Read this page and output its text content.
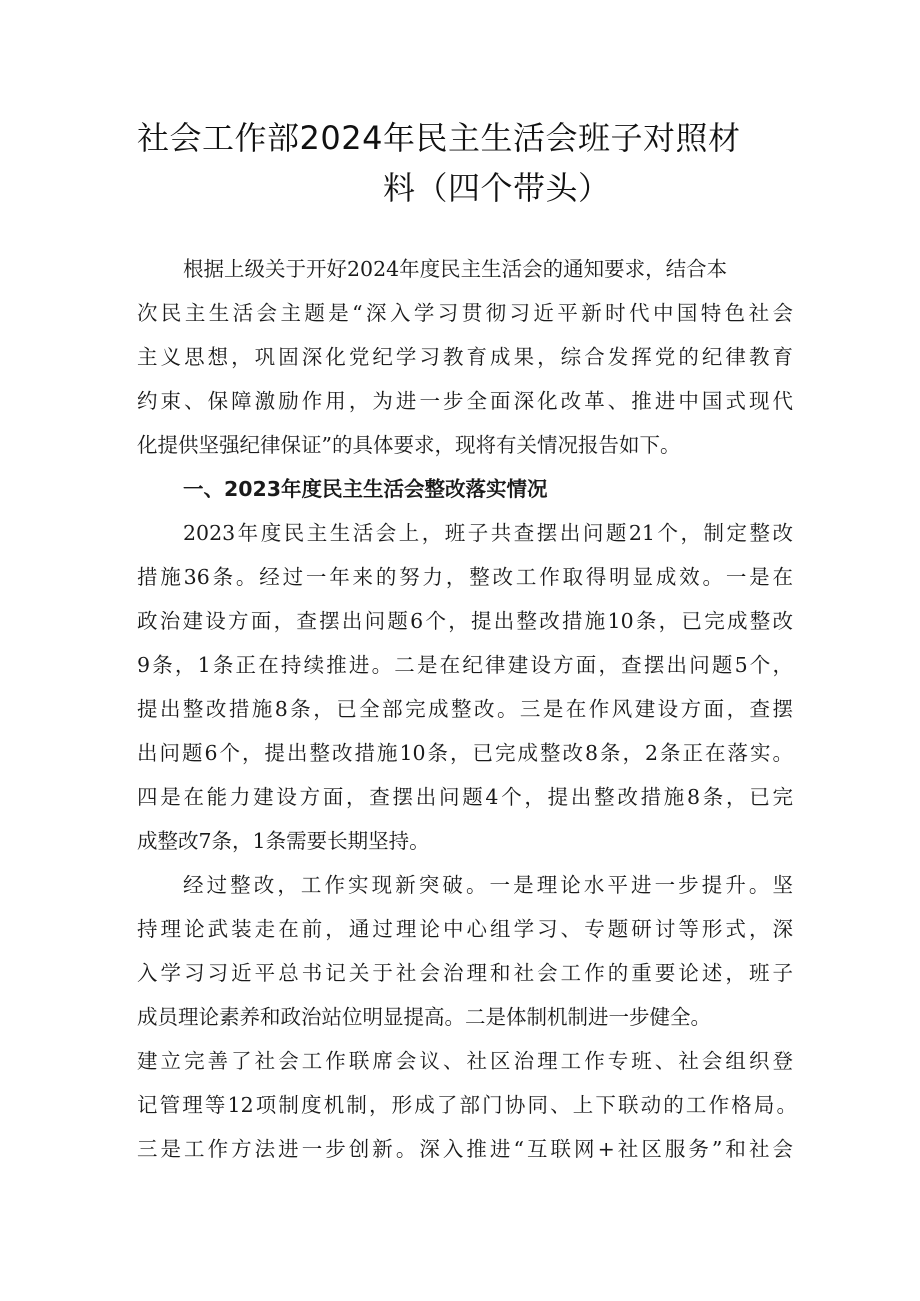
社会工作部2024年民主生活会班子对照材
料（四个带头）
根据上级关于开好2024年度民主生活会的通知要求，结合本
次民主生活会主题是“深入学习贯彻习近平新时代中国特色社会
主义思想，巩固深化党纪学习教育成果，综合发挥党的纪律教育
约束、保障激励作用，为进一步全面深化改革、推进中国式现代
化提供坚强纪律保证”的具体要求，现将有关情况报告如下。
一、2023年度民主生活会整改落实情况
2023年度民主生活会上，班子共查摆出问题21个，制定整改
措施36条。经过一年来的努力，整改工作取得明显成效。一是在
政治建设方面，查摆出问题6个，提出整改措施10条，已完成整改
9条，1条正在持续推进。二是在纪律建设方面，查摆出问题5个，
提出整改措施8条，已全部完成整改。三是在作风建设方面，查摆
出问题6个，提出整改措施10条，已完成整改8条，2条正在落实。
四是在能力建设方面，查摆出问题4个，提出整改措施8条，已完
成整改7条，1条需要长期坚持。
经过整改，工作实现新突破。一是理论水平进一步提升。坚
持理论武装走在前，通过理论中心组学习、专题研讨等形式，深
入学习习近平总书记关于社会治理和社会工作的重要论述，班子
成员理论素养和政治站位明显提高。二是体制机制进一步健全。
建立完善了社会工作联席会议、社区治理工作专班、社会组织登
记管理等12项制度机制，形成了部门协同、上下联动的工作格局。
三是工作方法进一步创新。深入推进“互联网+社区服务”和社会
